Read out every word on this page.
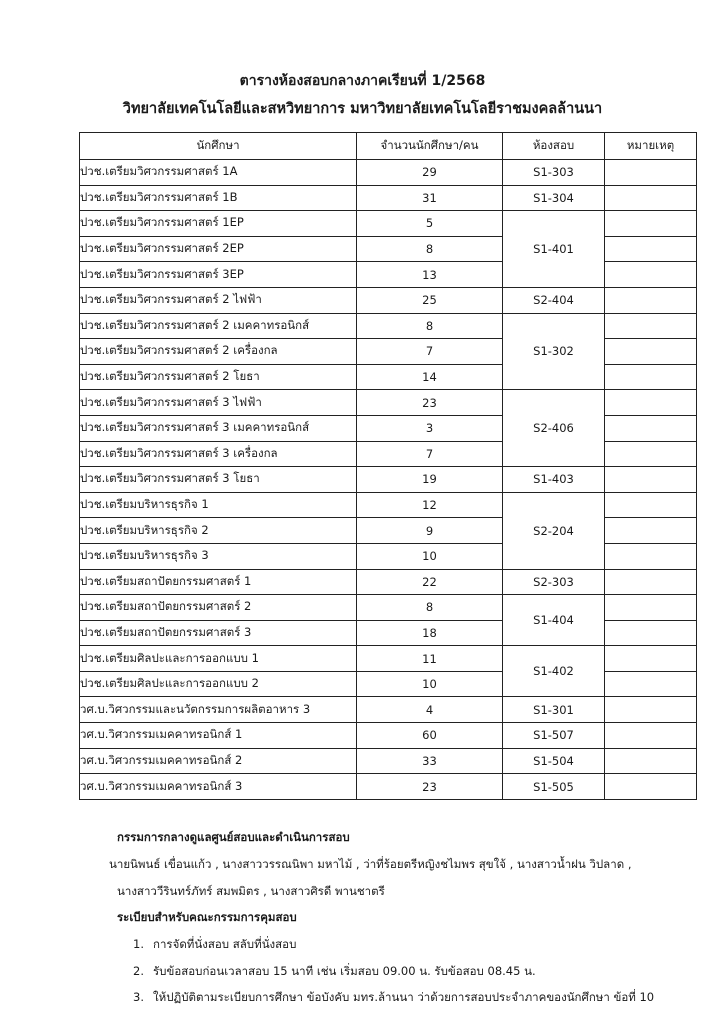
ตารางห้องสอบกลางภาคเรียนที่ 1/2568
วิทยาลัยเทคโนโลยีและสหวิทยาการ มหาวิทยาลัยเทคโนโลยีราชมงคลล้านนา
นักศึกษา	จำนวนนักศึกษา/คน	ห้องสอบ	หมายเหตุ
ปวช.เตรียมวิศวกรรมศาสตร์ 1A	29	S1-303	
ปวช.เตรียมวิศวกรรมศาสตร์ 1B	31	S1-304	
ปวช.เตรียมวิศวกรรมศาสตร์ 1EP	5	S1-401	
ปวช.เตรียมวิศวกรรมศาสตร์ 2EP	8		
ปวช.เตรียมวิศวกรรมศาสตร์ 3EP	13		
ปวช.เตรียมวิศวกรรมศาสตร์ 2 ไฟฟ้า	25	S2-404	
ปวช.เตรียมวิศวกรรมศาสตร์ 2 เมคคาทรอนิกส์	8	S1-302	
ปวช.เตรียมวิศวกรรมศาสตร์ 2 เครื่องกล	7		
ปวช.เตรียมวิศวกรรมศาสตร์ 2 โยธา	14		
ปวช.เตรียมวิศวกรรมศาสตร์ 3 ไฟฟ้า	23	S2-406	
ปวช.เตรียมวิศวกรรมศาสตร์ 3 เมคคาทรอนิกส์	3		
ปวช.เตรียมวิศวกรรมศาสตร์ 3 เครื่องกล	7		
ปวช.เตรียมวิศวกรรมศาสตร์ 3 โยธา	19	S1-403	
ปวช.เตรียมบริหารธุรกิจ 1	12	S2-204	
ปวช.เตรียมบริหารธุรกิจ 2	9		
ปวช.เตรียมบริหารธุรกิจ 3	10		
ปวช.เตรียมสถาปัตยกรรมศาสตร์ 1	22	S2-303	
ปวช.เตรียมสถาปัตยกรรมศาสตร์ 2	8	S1-404	
ปวช.เตรียมสถาปัตยกรรมศาสตร์ 3	18		
ปวช.เตรียมศิลปะและการออกแบบ 1	11	S1-402	
ปวช.เตรียมศิลปะและการออกแบบ 2	10		
วศ.บ.วิศวกรรมและนวัตกรรมการผลิตอาหาร 3	4	S1-301	
วศ.บ.วิศวกรรมเมคคาทรอนิกส์ 1	60	S1-507	
วศ.บ.วิศวกรรมเมคคาทรอนิกส์ 2	33	S1-504	
วศ.บ.วิศวกรรมเมคคาทรอนิกส์ 3	23	S1-505	
กรรมการกลางดูแลศูนย์สอบและดำเนินการสอบ
นายนิพนธ์ เขื่อนแก้ว , นางสาววรรณนิพา มหาไม้ , ว่าที่ร้อยตรีหญิงชไมพร สุขใจ้ , นางสาวน้ำฝน วิปลาด ,
นางสาววีรินทร์ภัทร์ สมพมิตร , นางสาวศิรดี พานชาตรี
ระเบียบสำหรับคณะกรรมการคุมสอบ
1. การจัดที่นั่งสอบ สลับที่นั่งสอบ
2. รับข้อสอบก่อนเวลาสอบ 15 นาที เช่น เริ่มสอบ 09.00 น. รับข้อสอบ 08.45 น.
3. ให้ปฏิบัติตามระเบียบการศึกษา ข้อบังคับ มทร.ล้านนา ว่าด้วยการสอบประจำภาคของนักศึกษา ข้อที่ 10
